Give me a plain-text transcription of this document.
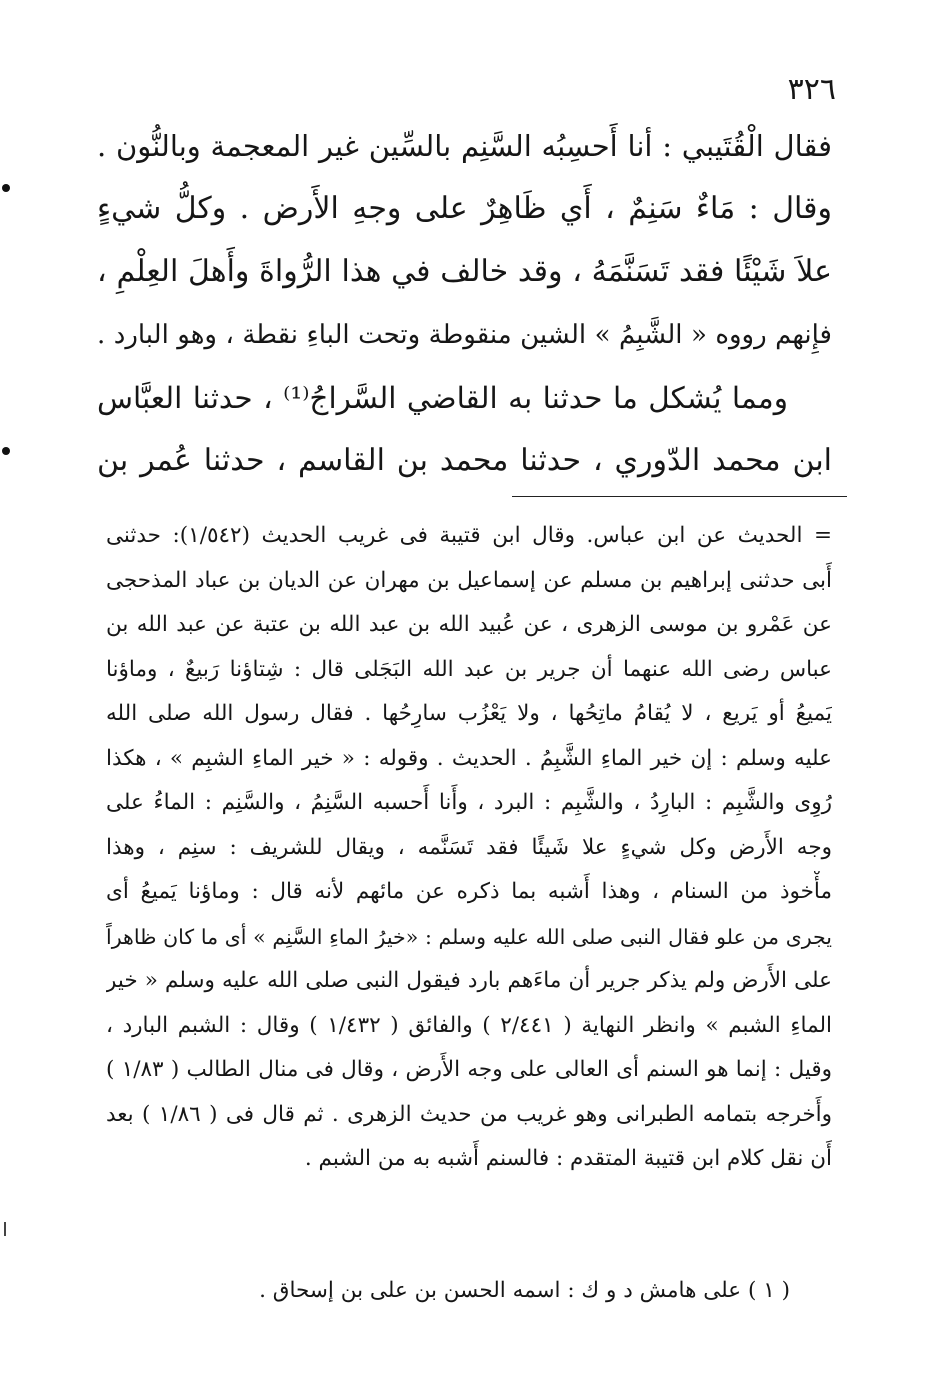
٣٢٦
فقال الْقُتَيبي : أنا أَحسِبُه السَّنِم بالسِّين غير المعجمة وبالنُّون .
وقال : مَاءٌ سَنِمٌ ، أَي ظَاهِرٌ على وجهِ الأَرض . وكلُّ شيءٍ
علاَ شَيْئًا فقد تَسَنَّمَهُ ، وقد خالف في هذا الرُّواةَ وأَهلَ العِلْمِ ،
فإِنهم رووه « الشَّبِمُ » الشين منقوطة وتحت الباءِ نقطة ، وهو البارد .
ومما يُشكل ما حدثنا به القاضي السَّراجُ⁽¹⁾ ، حدثنا العبَّاس
ابن محمد الدّوري ، حدثنا محمد بن القاسم ، حدثنا عُمر بن
= الحديث عن ابن عباس. وقال ابن قتيبة فى غريب الحديث (١/٥٤٢): حدثنى
أَبى حدثنى إبراهيم بن مسلم عن إسماعيل بن مهران عن الديان بن عباد المذحجى
عن عَمْرو بن موسى الزهرى ، عن عُبيد الله بن عبد الله بن عتبة عن عبد الله بن
عباس رضى الله عنهما أن جرير بن عبد الله البَجَلى قال : شِتاؤنا رَبيعٌ ، وماؤنا
يَميعُ أو يَريع ، لا يُقامُ ماتِحُها ، ولا يَعْزُب سارِحُها . فقال رسول الله صلى الله
عليه وسلم : إن خير الماءِ الشَّبِمُ . الحديث . وقوله : « خير الماءِ الشبِم » ، هكذا
رُوِى والشَّبِم : البارِدُ ، والشَّبِم : البرد ، وأَنا أَحسبه السَّنِمُ ، والسَّنِم : الماءُ على
وجه الأَرض وكل شيءٍ علا شَيئًا فقد تَسَنَّمه ، ويقال للشريف : سنِم ، وهذا
مأْخوذ من السنام ، وهذا أَشبه بما ذكره عن مائهم لأنه قال : وماؤنا يَميعُ أى
يجرى من علو فقال النبى صلى الله عليه وسلم : «خيرُ الماءِ السَّنِم » أى ما كان ظاهراً
على الأَرض ولم يذكر جرير أن ماءَهم بارد فيقول النبى صلى الله عليه وسلم « خير
الماءِ الشبم » وانظر النهاية ( ٢/٤٤١ ) والفائق ( ١/٤٣٢ ) وقال : الشبم البارد ،
وقيل : إنما هو السنم أى العالى على وجه الأَرض ، وقال فى منال الطالب ( ١/٨٣ )
وأَخرجه بتمامه الطبرانى وهو غريب من حديث الزهرى . ثم قال فى ( ١/٨٦ ) بعد
أَن نقل كلام ابن قتيبة المتقدم : فالسنم أَشبه به من الشبم .
( ١ ) على هامش د و ك : اسمه الحسن بن على بن إسحاق .
